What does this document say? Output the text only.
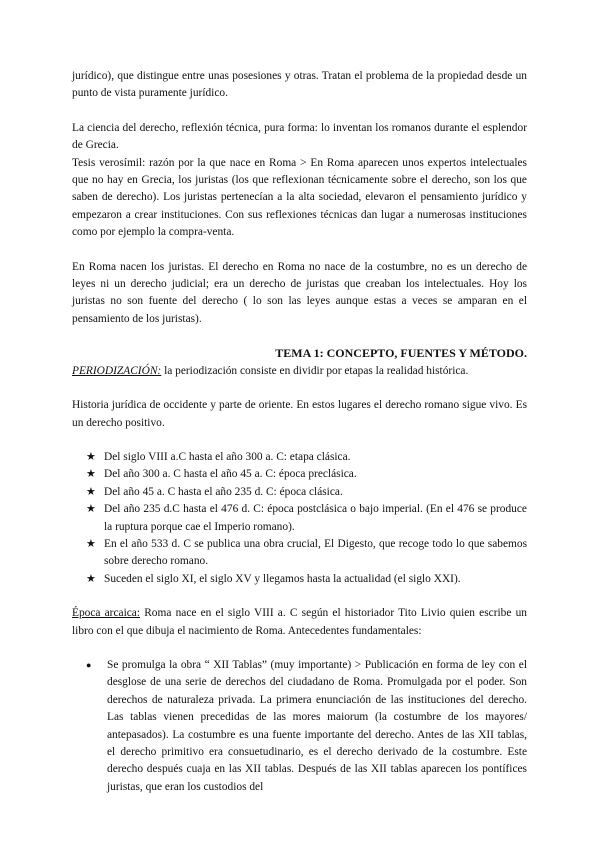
jurídico), que distingue entre unas posesiones y otras. Tratan el problema de la propiedad desde un punto de vista puramente jurídico.

La ciencia del derecho, reflexión técnica, pura forma: lo inventan los romanos durante el esplendor de Grecia.

Tesis verosímil: razón por la que nace en Roma > En Roma aparecen unos expertos intelectuales que no hay en Grecia, los juristas (los que reflexionan técnicamente sobre el derecho, son los que saben de derecho). Los juristas pertenecían a la alta sociedad, elevaron el pensamiento jurídico y empezaron a crear instituciones. Con sus reflexiones técnicas dan lugar a numerosas instituciones como por ejemplo la compra-venta.

En Roma nacen los juristas. El derecho en Roma no nace de la costumbre, no es un derecho de leyes ni un derecho judicial; era un derecho de juristas que creaban los intelectuales. Hoy los juristas no son fuente del derecho ( lo son las leyes aunque estas a veces se amparan en el pensamiento de los juristas).

TEMA 1: CONCEPTO, FUENTES Y MÉTODO.

PERIODIZACIÓN: la periodización consiste en dividir por etapas la realidad histórica.

Historia jurídica de occidente y parte de oriente. En estos lugares el derecho romano sigue vivo. Es un derecho positivo.

★ Del siglo VIII a.C hasta el año 300 a. C: etapa clásica.
★ Del año 300 a. C hasta el año 45 a. C: época preclásica.
★ Del año 45 a. C hasta el año 235 d. C: época clásica.
★ Del año 235 d.C hasta el 476 d. C: época postclásica o bajo imperial. (En el 476 se produce la ruptura porque cae el Imperio romano).
★ En el año 533 d. C se publica una obra crucial, El Digesto, que recoge todo lo que sabemos sobre derecho romano.
★ Suceden el siglo XI, el siglo XV y llegamos hasta la actualidad (el siglo XXI).

Época arcaica: Roma nace en el siglo VIII a. C según el historiador Tito Livio quien escribe un libro con el que dibuja el nacimiento de Roma. Antecedentes fundamentales:

● Se promulga la obra “ XII Tablas” (muy importante) > Publicación en forma de ley con el desglose de una serie de derechos del ciudadano de Roma. Promulgada por el poder. Son derechos de naturaleza privada. La primera enunciación de las instituciones del derecho. Las tablas vienen precedidas de las mores maiorum (la costumbre de los mayores/ antepasados). La costumbre es una fuente importante del derecho. Antes de las XII tablas, el derecho primitivo era consuetudinario, es el derecho derivado de la costumbre. Este derecho después cuaja en las XII tablas. Después de las XII tablas aparecen los pontífices juristas, que eran los custodios del
